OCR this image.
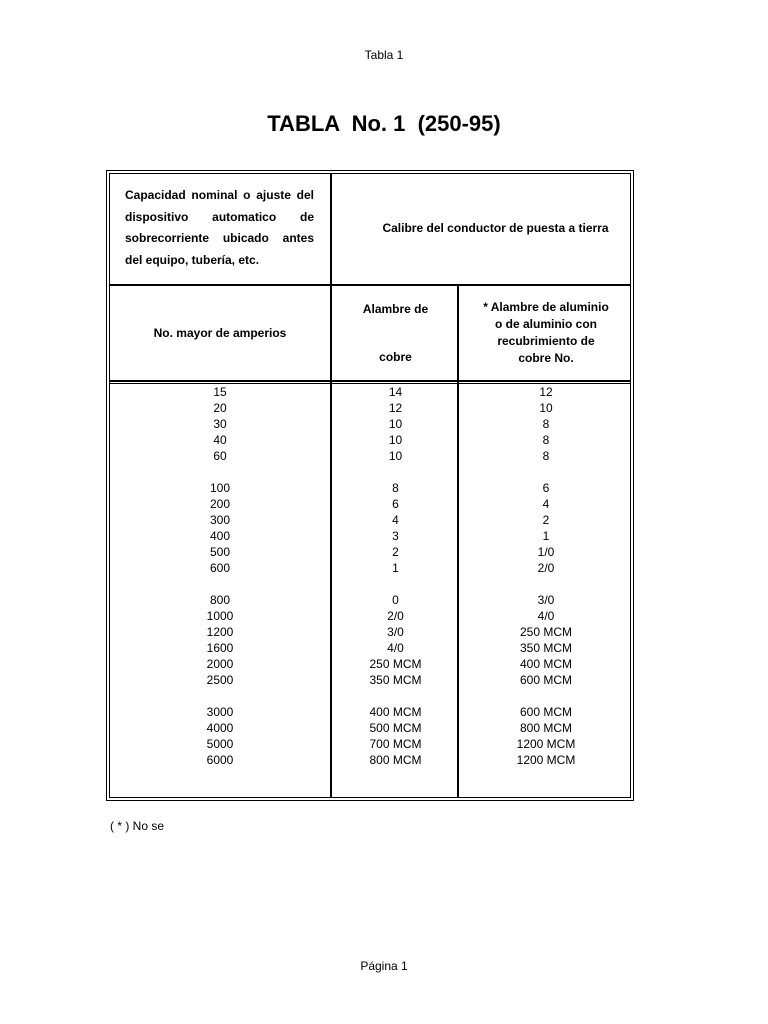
Tabla 1
TABLA  No. 1  (250-95)
Capacidad nominal o ajuste del
dispositivo automatico de
sobrecorriente ubicado antes
del equipo, tubería, etc.
Calibre del conductor de puesta a tierra
No. mayor de amperios
Alambre de
cobre
* Alambre de aluminio
o de aluminio con
recubrimiento de
cobre No.
15
20
30
40
60
100
200
300
400
500
600
800
1000
1200
1600
2000
2500
3000
4000
5000
6000
14
12
10
10
10
8
6
4
3
2
1
0
2/0
3/0
4/0
250 MCM
350 MCM
400 MCM
500 MCM
700 MCM
800 MCM
12
10
8
8
8
6
4
2
1
1/0
2/0
3/0
4/0
250 MCM
350 MCM
400 MCM
600 MCM
600 MCM
800 MCM
1200 MCM
1200 MCM
( * ) No se
Página 1
